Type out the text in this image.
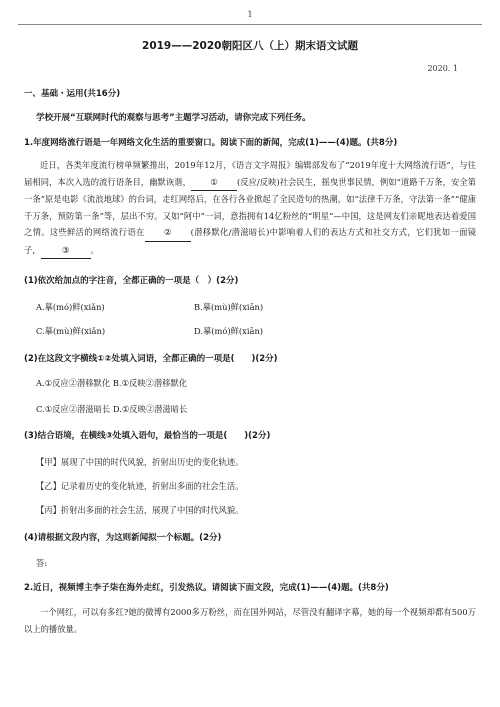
1
2019——2020朝阳区八（上）期末语文试题
2020. 1
一、基础・运用(共16分)
学校开展“互联网时代的观察与思考”主题学习活动，请你完成下列任务。
1.年度网络流行语是一年网络文化生活的重要窗口。阅读下面的新闻，完成(1)——(4)题。(共8分)
近日，各类年度流行榜单频繁推出，2019年12月，《语言文字周报》编辑部发布了“2019年度十大网络流行语”，与往届相同，本次入选的流行语条目，幽默诙谐， ① (反应/反映)社会民生，摇曳世事民情，例如“道路千万条，安全第一条”原是电影《流浪地球》的台词，走红网络后，在各行各业掀起了全民造句的热潮，如“法律千万条，守法第一条”“健康千万条，预防第一条”等，层出不穷。又如“阿中”一词，意指拥有14亿粉丝的“明星”—中国，这是网友们亲昵地表达着爱国之情。这些鲜活的网络流行语在 ② (潜移默化/潜滋暗长)中影响着人们的表达方式和社交方式，它们犹如一面镜子，	③	。
(1)依次给加点的字注音，全都正确的一项是（　）(2分)
A.摹(mó)鲜(xiǎn)	B.摹(mù)鲜(xiān)
C.摹(mù)鲜(xiǎn)	D.摹(mó)鲜(xiān)
(2)在这段文字横线①②处填入词语，全都正确的一项是(　　)(2分)
A.①反应②潜移默化 B.①反映②潜移默化
C.①反应②潜滋暗长 D.①反映②潜滋暗长
(3)结合语境，在横线③处填入语句，最恰当的一项是(　　)(2分)
【甲】展现了中国的时代风貌，折射出历史的变化轨迹。
【乙】记录着历史的变化轨迹，折射出多面的社会生活。
【丙】折射出多面的社会生活，展现了中国的时代风貌。
(4)请根据文段内容，为这则新闻拟一个标题。(2分)
答:
2.近日，视频博主李子柒在海外走红，引发热议。请阅读下面文段，完成(1)——(4)题。(共8分)
一个网红，可以有多红?她的微博有2000多万粉丝，而在国外网站，尽管没有翻译字幕，她的每一个视频却都有500万以上的播放量。
